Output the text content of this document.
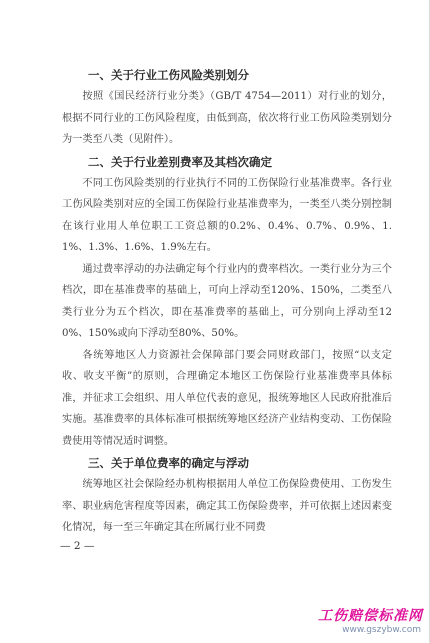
一、关于行业工伤风险类别划分

按照《国民经济行业分类》（GB/T 4754—2011）对行业的划分，根据不同行业的工伤风险程度，由低到高，依次将行业工伤风险类别划分为一类至八类（见附件）。

二、关于行业差别费率及其档次确定

不同工伤风险类别的行业执行不同的工伤保险行业基准费率。各行业工伤风险类别对应的全国工伤保险行业基准费率为，一类至八类分别控制在该行业用人单位职工工资总额的0.2%、0.4%、0.7%、0.9%、1.1%、1.3%、1.6%、1.9%左右。

通过费率浮动的办法确定每个行业内的费率档次。一类行业分为三个档次，即在基准费率的基础上，可向上浮动至120%、150%，二类至八类行业分为五个档次，即在基准费率的基础上，可分别向上浮动至120%、150%或向下浮动至80%、50%。

各统筹地区人力资源社会保障部门要会同财政部门，按照“以支定收、收支平衡”的原则，合理确定本地区工伤保险行业基准费率具体标准，并征求工会组织、用人单位代表的意见，报统筹地区人民政府批准后实施。基准费率的具体标准可根据统筹地区经济产业结构变动、工伤保险费使用等情况适时调整。

三、关于单位费率的确定与浮动

统筹地区社会保险经办机构根据用人单位工伤保险费使用、工伤发生率、职业病危害程度等因素，确定其工伤保险费率，并可依据上述因素变化情况，每一至三年确定其在所属行业不同费

— 2 —
工伤赔偿标准网
www.gszybw.com
